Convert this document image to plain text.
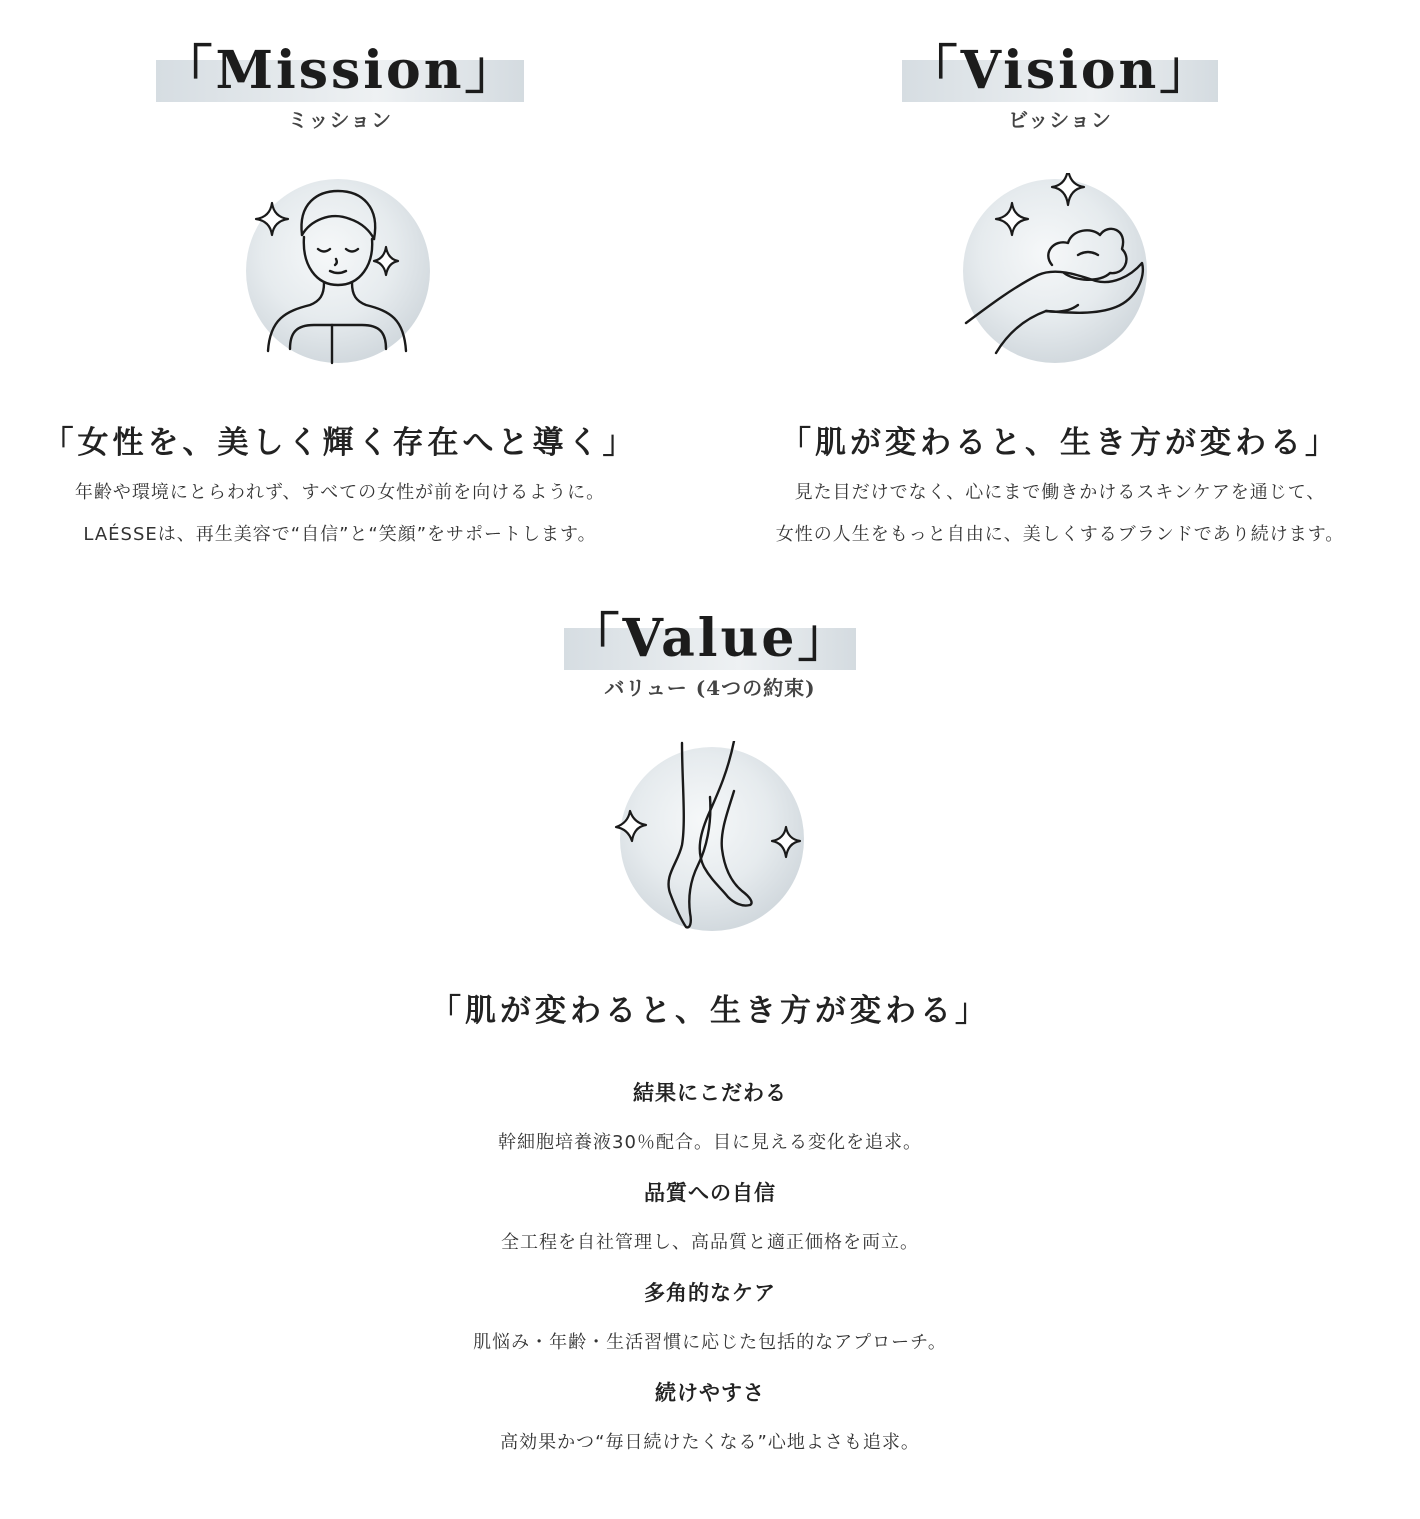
「Mission」
ミッション
「女性を、美しく輝く存在へと導く」
年齢や環境にとらわれず、すべての女性が前を向けるように。
LAÉSSEは、再生美容で“自信”と“笑顔”をサポートします。
「Vision」
ビッション
「肌が変わると、生き方が変わる」
見た目だけでなく、心にまで働きかけるスキンケアを通じて、
女性の人生をもっと自由に、美しくするブランドであり続けます。
「Value」
バリュー (4つの約束)
「肌が変わると、生き方が変わる」
結果にこだわる
幹細胞培養液30％配合。目に見える変化を追求。
品質への自信
全工程を自社管理し、高品質と適正価格を両立。
多角的なケア
肌悩み・年齢・生活習慣に応じた包括的なアプローチ。
続けやすさ
高効果かつ“毎日続けたくなる”心地よさも追求。
